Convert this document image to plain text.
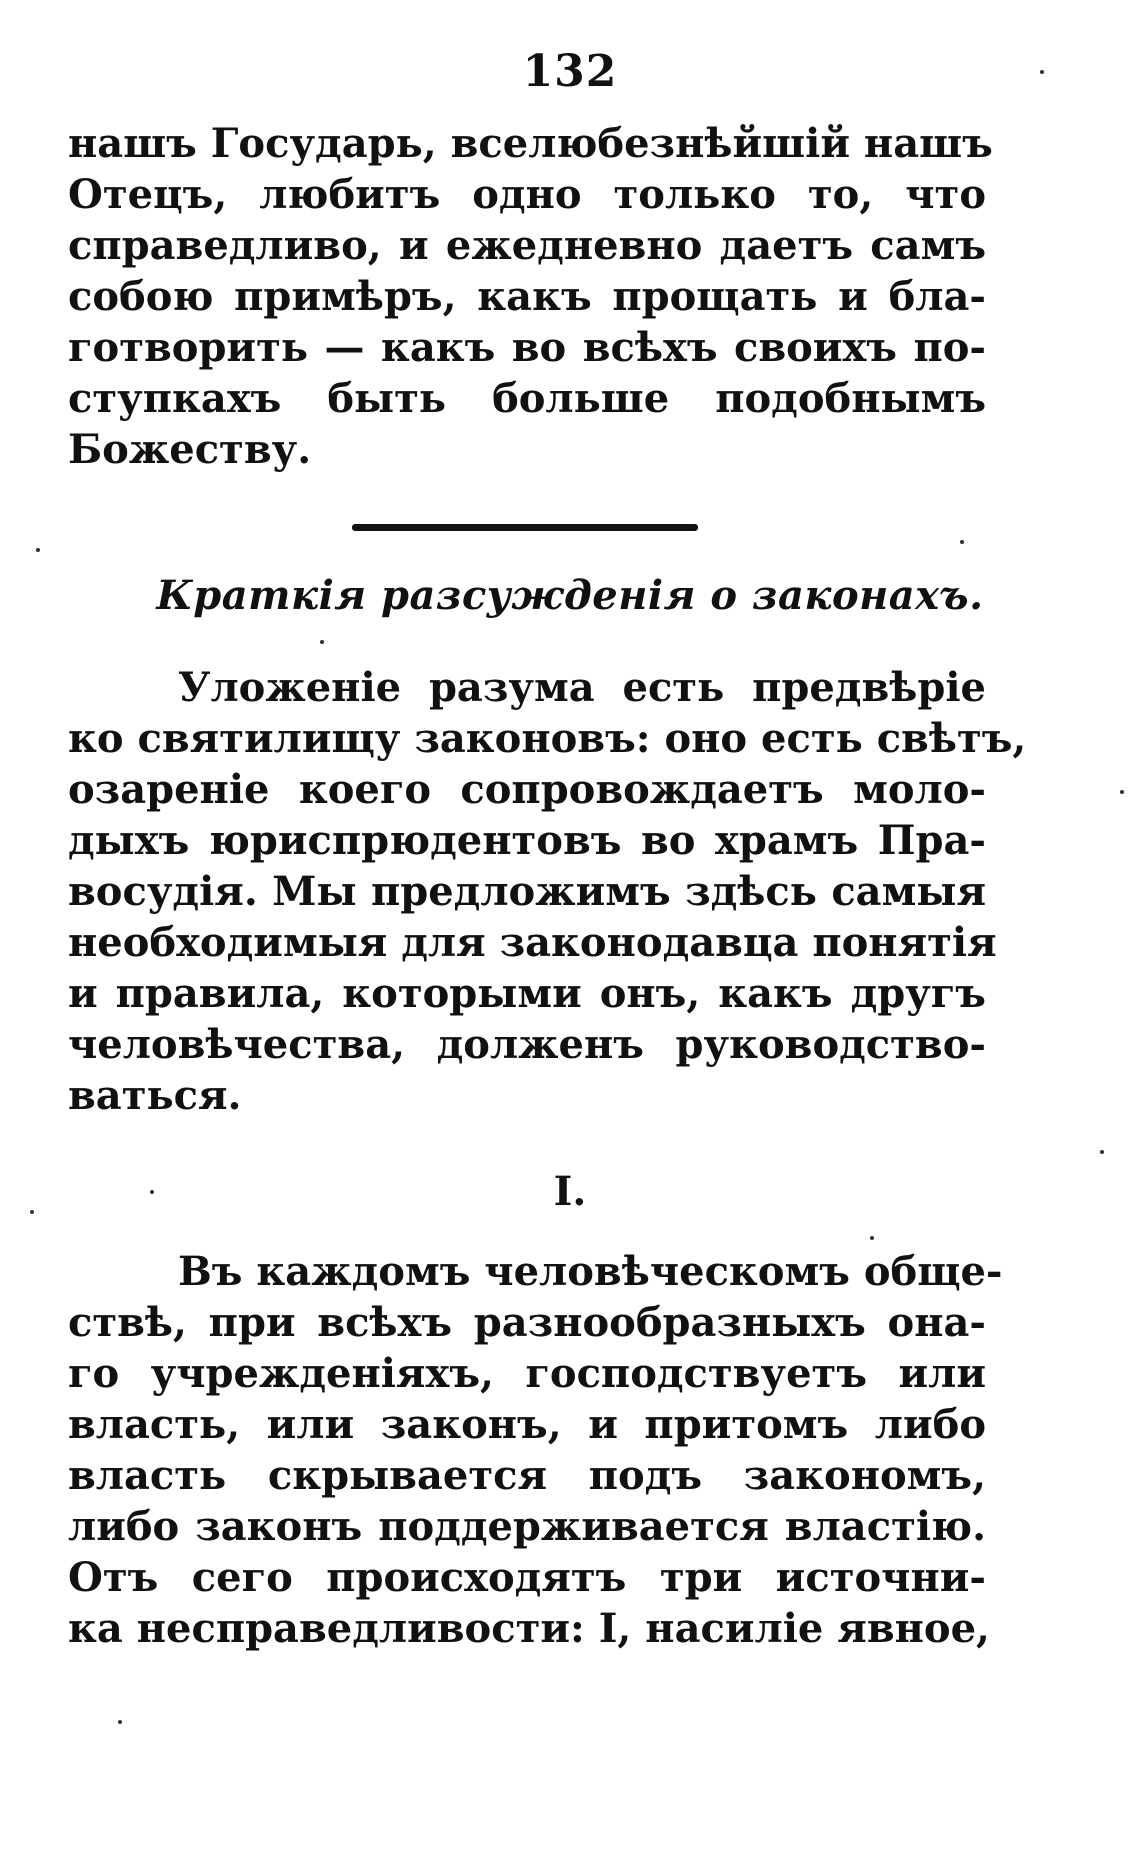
132
нашъ Государь, вселюбезнѣйшій нашъ
Отецъ, любитъ одно только то, что
справедливо, и ежедневно даетъ самъ
собою примѣръ, какъ прощать и бла-
готворить — какъ во всѣхъ своихъ по-
ступкахъ быть больше подобнымъ
Божеству.
Краткія разсужденія о законахъ.
Уложеніе разума есть предвѣріе
ко святилищу законовъ: оно есть свѣтъ,
озареніе коего сопровождаетъ моло-
дыхъ юриспрюдентовъ во храмъ Пра-
восудія. Мы предложимъ здѣсь самыя
необходимыя для законодавца понятія
и правила, которыми онъ, какъ другъ
человѣчества, долженъ руководство-
ваться.
I.
Въ каждомъ человѣческомъ обще-
ствѣ, при всѣхъ разнообразныхъ она-
го учрежденіяхъ, господствуетъ или
власть, или законъ, и притомъ либо
власть скрывается подъ закономъ,
либо законъ поддерживается властію.
Отъ сего происходятъ три источни-
ка несправедливости: I, насиліе явное,
